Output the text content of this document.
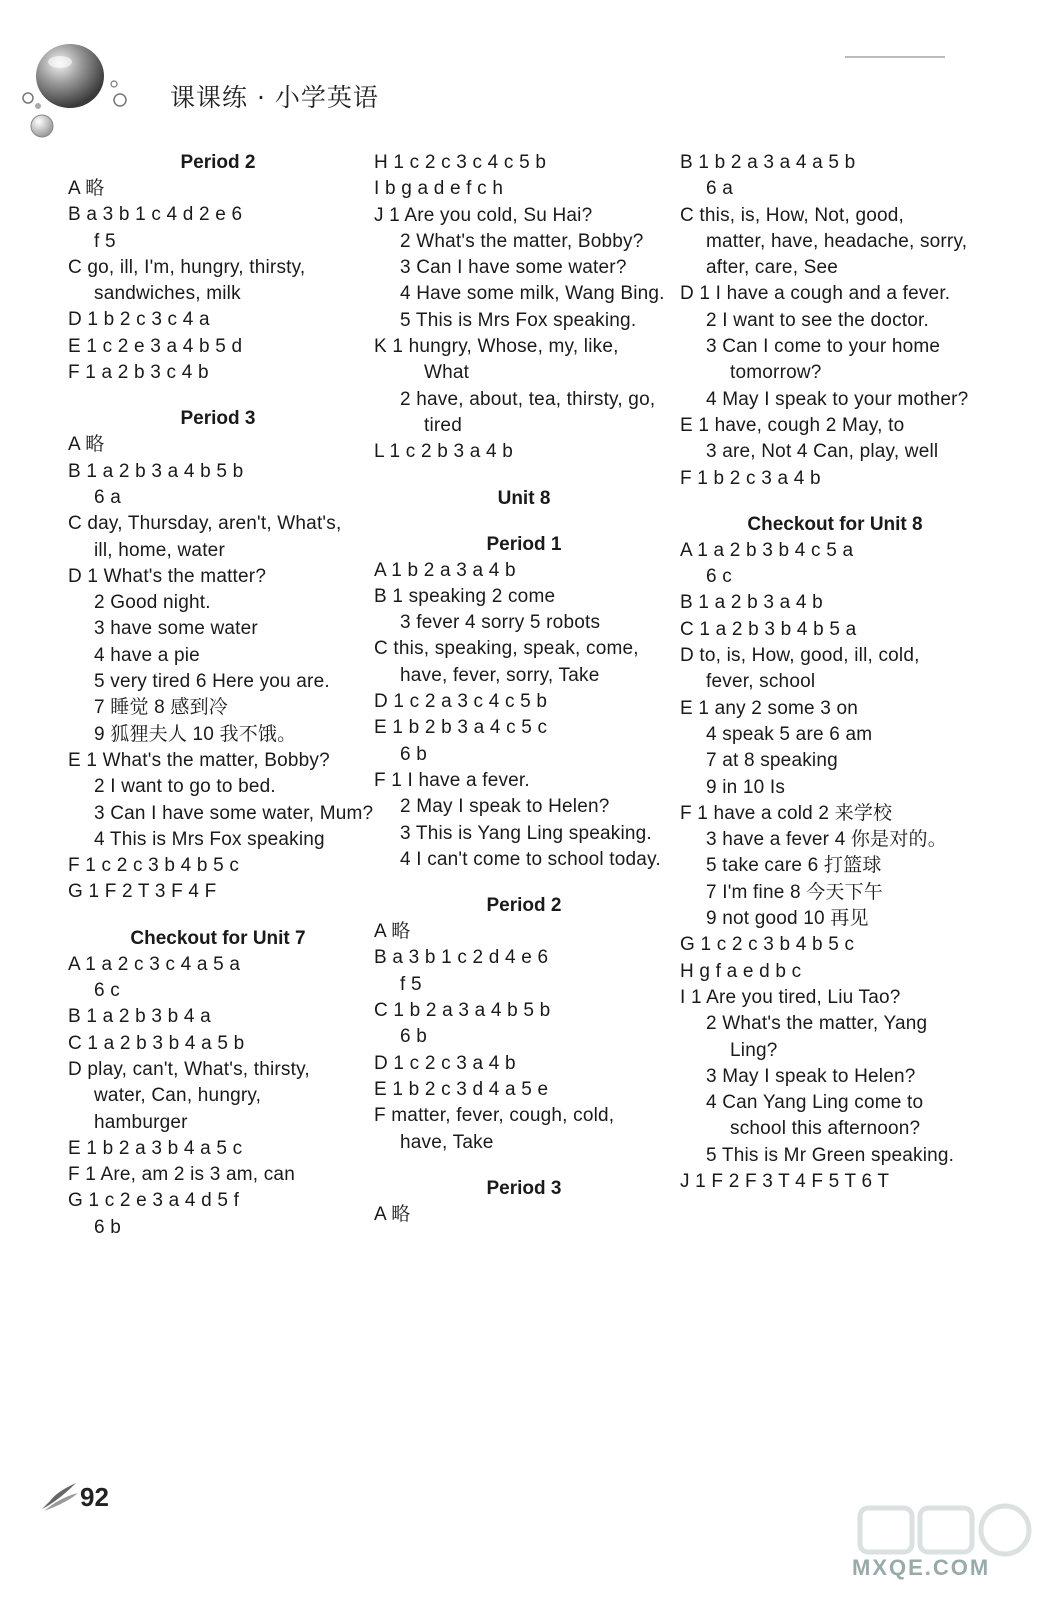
课课练 · 小学英语
Period 2
A 略
B a 3 b 1 c 4 d 2 e 6
f 5
C go, ill, I'm, hungry, thirsty,
sandwiches, milk
D 1 b 2 c 3 c 4 a
E 1 c 2 e 3 a 4 b 5 d
F 1 a 2 b 3 c 4 b
Period 3
A 略
B 1 a 2 b 3 a 4 b 5 b
6 a
C day, Thursday, aren't, What's,
ill, home, water
D 1 What's the matter?
2 Good night.
3 have some water
4 have a pie
5 very tired 6 Here you are.
7 睡觉 8 感到冷
9 狐狸夫人 10 我不饿。
E 1 What's the matter, Bobby?
2 I want to go to bed.
3 Can I have some water, Mum?
4 This is Mrs Fox speaking
F 1 c 2 c 3 b 4 b 5 c
G 1 F 2 T 3 F 4 F
Checkout for Unit 7
A 1 a 2 c 3 c 4 a 5 a
6 c
B 1 a 2 b 3 b 4 a
C 1 a 2 b 3 b 4 a 5 b
D play, can't, What's, thirsty,
water, Can, hungry,
hamburger
E 1 b 2 a 3 b 4 a 5 c
F 1 Are, am 2 is 3 am, can
G 1 c 2 e 3 a 4 d 5 f
6 b
H 1 c 2 c 3 c 4 c 5 b
I b g a d e f c h
J 1 Are you cold, Su Hai?
2 What's the matter, Bobby?
3 Can I have some water?
4 Have some milk, Wang Bing.
5 This is Mrs Fox speaking.
K 1 hungry, Whose, my, like,
What
2 have, about, tea, thirsty, go,
tired
L 1 c 2 b 3 a 4 b
Unit 8
Period 1
A 1 b 2 a 3 a 4 b
B 1 speaking 2 come
3 fever 4 sorry 5 robots
C this, speaking, speak, come,
have, fever, sorry, Take
D 1 c 2 a 3 c 4 c 5 b
E 1 b 2 b 3 a 4 c 5 c
6 b
F 1 I have a fever.
2 May I speak to Helen?
3 This is Yang Ling speaking.
4 I can't come to school today.
Period 2
A 略
B a 3 b 1 c 2 d 4 e 6
f 5
C 1 b 2 a 3 a 4 b 5 b
6 b
D 1 c 2 c 3 a 4 b
E 1 b 2 c 3 d 4 a 5 e
F matter, fever, cough, cold,
have, Take
Period 3
A 略
B 1 b 2 a 3 a 4 a 5 b
6 a
C this, is, How, Not, good,
matter, have, headache, sorry,
after, care, See
D 1 I have a cough and a fever.
2 I want to see the doctor.
3 Can I come to your home
tomorrow?
4 May I speak to your mother?
E 1 have, cough 2 May, to
3 are, Not 4 Can, play, well
F 1 b 2 c 3 a 4 b
Checkout for Unit 8
A 1 a 2 b 3 b 4 c 5 a
6 c
B 1 a 2 b 3 a 4 b
C 1 a 2 b 3 b 4 b 5 a
D to, is, How, good, ill, cold,
fever, school
E 1 any 2 some 3 on
4 speak 5 are 6 am
7 at 8 speaking
9 in 10 Is
F 1 have a cold 2 来学校
3 have a fever 4 你是对的。
5 take care 6 打篮球
7 I'm fine 8 今天下午
9 not good 10 再见
G 1 c 2 c 3 b 4 b 5 c
H g f a e d b c
I 1 Are you tired, Liu Tao?
2 What's the matter, Yang
Ling?
3 May I speak to Helen?
4 Can Yang Ling come to
school this afternoon?
5 This is Mr Green speaking.
J 1 F 2 F 3 T 4 F 5 T 6 T
92
MXQE.COM
